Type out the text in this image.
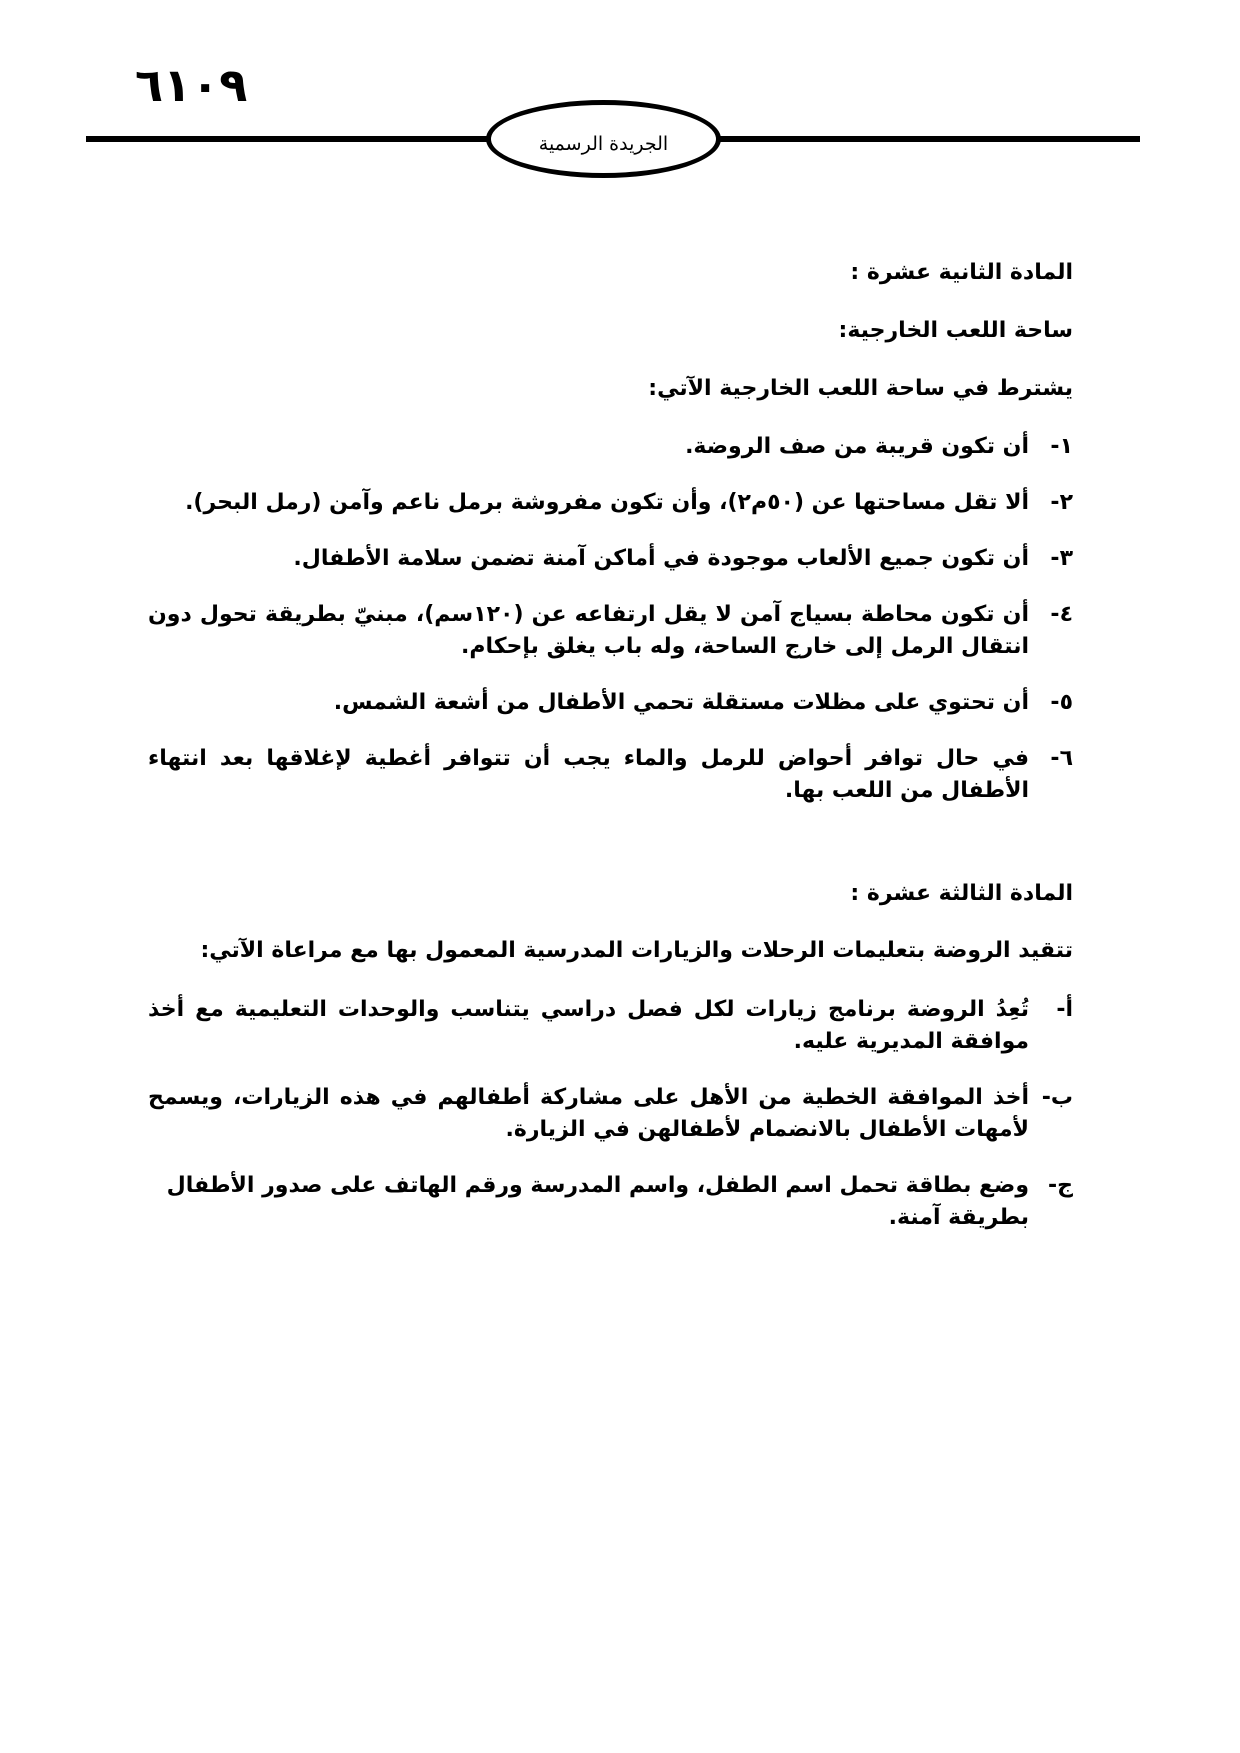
٦١٠٩
الجريدة الرسمية
المادة الثانية عشرة :
ساحة اللعب الخارجية:
يشترط في ساحة اللعب الخارجية الآتي:
١-
أن تكون قريبة من صف الروضة.
٢-
ألا تقل مساحتها عن (٥٠م٢)، وأن تكون مفروشة برمل ناعم وآمن (رمل البحر).
٣-
أن تكون جميع الألعاب موجودة في أماكن آمنة تضمن سلامة الأطفال.
٤-
أن تكون محاطة بسياج آمن لا يقل ارتفاعه عن (١٢٠سم)، مبنيّ بطريقة تحول دون انتقال الرمل إلى خارج الساحة، وله باب يغلق بإحكام.
٥-
أن تحتوي على مظلات مستقلة تحمي الأطفال من أشعة الشمس.
٦-
في حال توافر أحواض للرمل والماء يجب أن تتوافر أغطية لإغلاقها بعد انتهاء الأطفال من اللعب بها.
المادة الثالثة عشرة :
تتقيد الروضة بتعليمات الرحلات والزيارات المدرسية المعمول بها مع مراعاة الآتي:
أ-
تُعِدُ الروضة برنامج زيارات لكل فصل دراسي يتناسب والوحدات التعليمية مع أخذ موافقة المديرية عليه.
ب-
أخذ الموافقة الخطية من الأهل على مشاركة أطفالهم في هذه الزيارات، ويسمح لأمهات الأطفال بالانضمام لأطفالهن في الزيارة.
ج-
وضع بطاقة تحمل اسم الطفل، واسم المدرسة ورقم الهاتف على صدور الأطفال بطريقة آمنة.
